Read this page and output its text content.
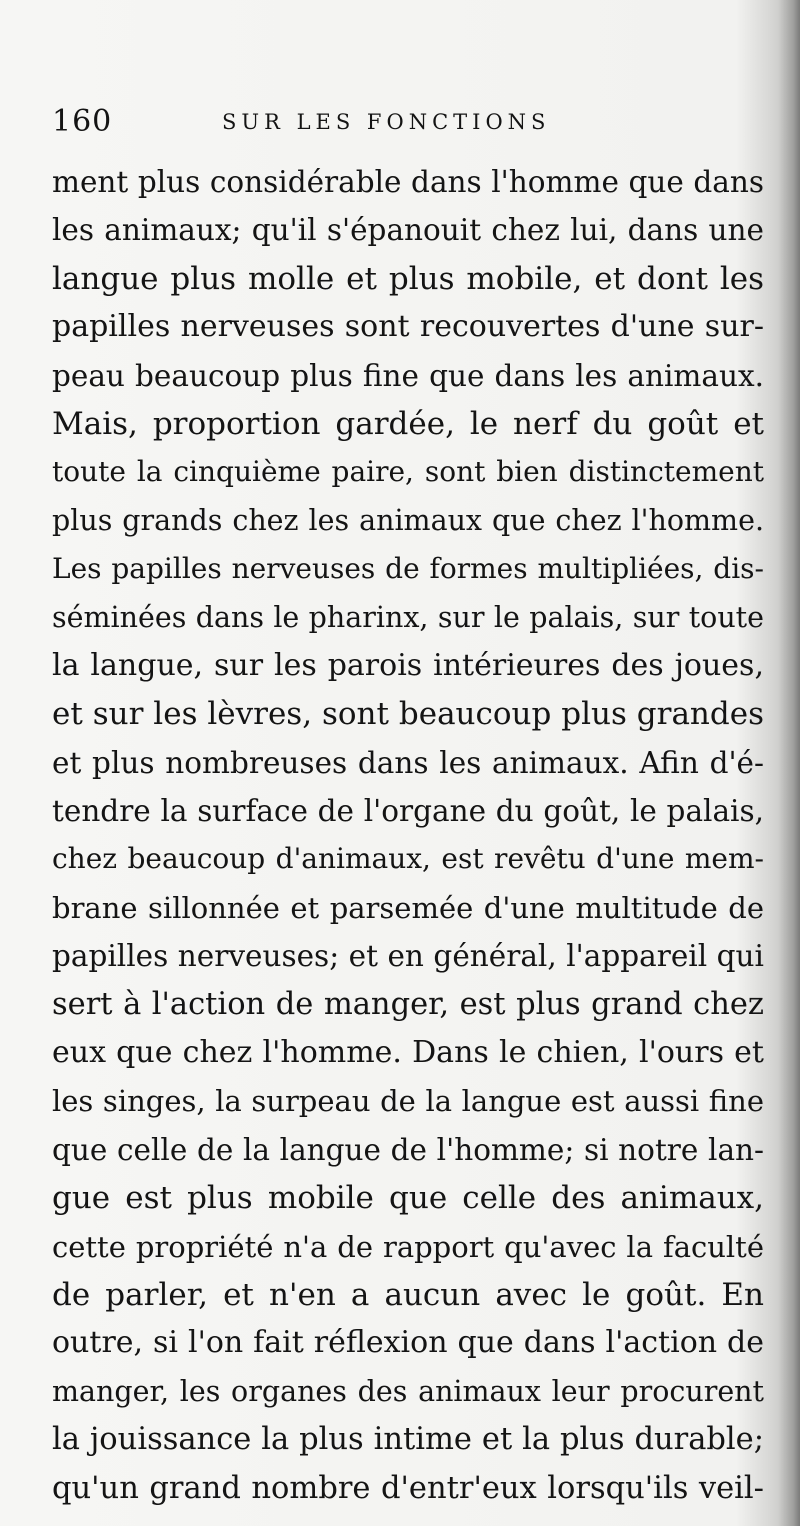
160	SUR LES FONCTIONS
ment plus considérable dans l'homme que dans
les animaux; qu'il s'épanouit chez lui, dans une
langue plus molle et plus mobile, et dont les
papilles nerveuses sont recouvertes d'une sur-
peau beaucoup plus fine que dans les animaux.
Mais, proportion gardée, le nerf du goût et
toute la cinquième paire, sont bien distinctement
plus grands chez les animaux que chez l'homme.
Les papilles nerveuses de formes multipliées, dis-
séminées dans le pharinx, sur le palais, sur toute
la langue, sur les parois intérieures des joues,
et sur les lèvres, sont beaucoup plus grandes
et plus nombreuses dans les animaux. Afin d'é-
tendre la surface de l'organe du goût, le palais,
chez beaucoup d'animaux, est revêtu d'une mem-
brane sillonnée et parsemée d'une multitude de
papilles nerveuses; et en général, l'appareil qui
sert à l'action de manger, est plus grand chez
eux que chez l'homme. Dans le chien, l'ours et
les singes, la surpeau de la langue est aussi fine
que celle de la langue de l'homme; si notre lan-
gue est plus mobile que celle des animaux,
cette propriété n'a de rapport qu'avec la faculté
de parler, et n'en a aucun avec le goût. En
outre, si l'on fait réflexion que dans l'action de
manger, les organes des animaux leur procurent
la jouissance la plus intime et la plus durable;
qu'un grand nombre d'entr'eux lorsqu'ils veil-
